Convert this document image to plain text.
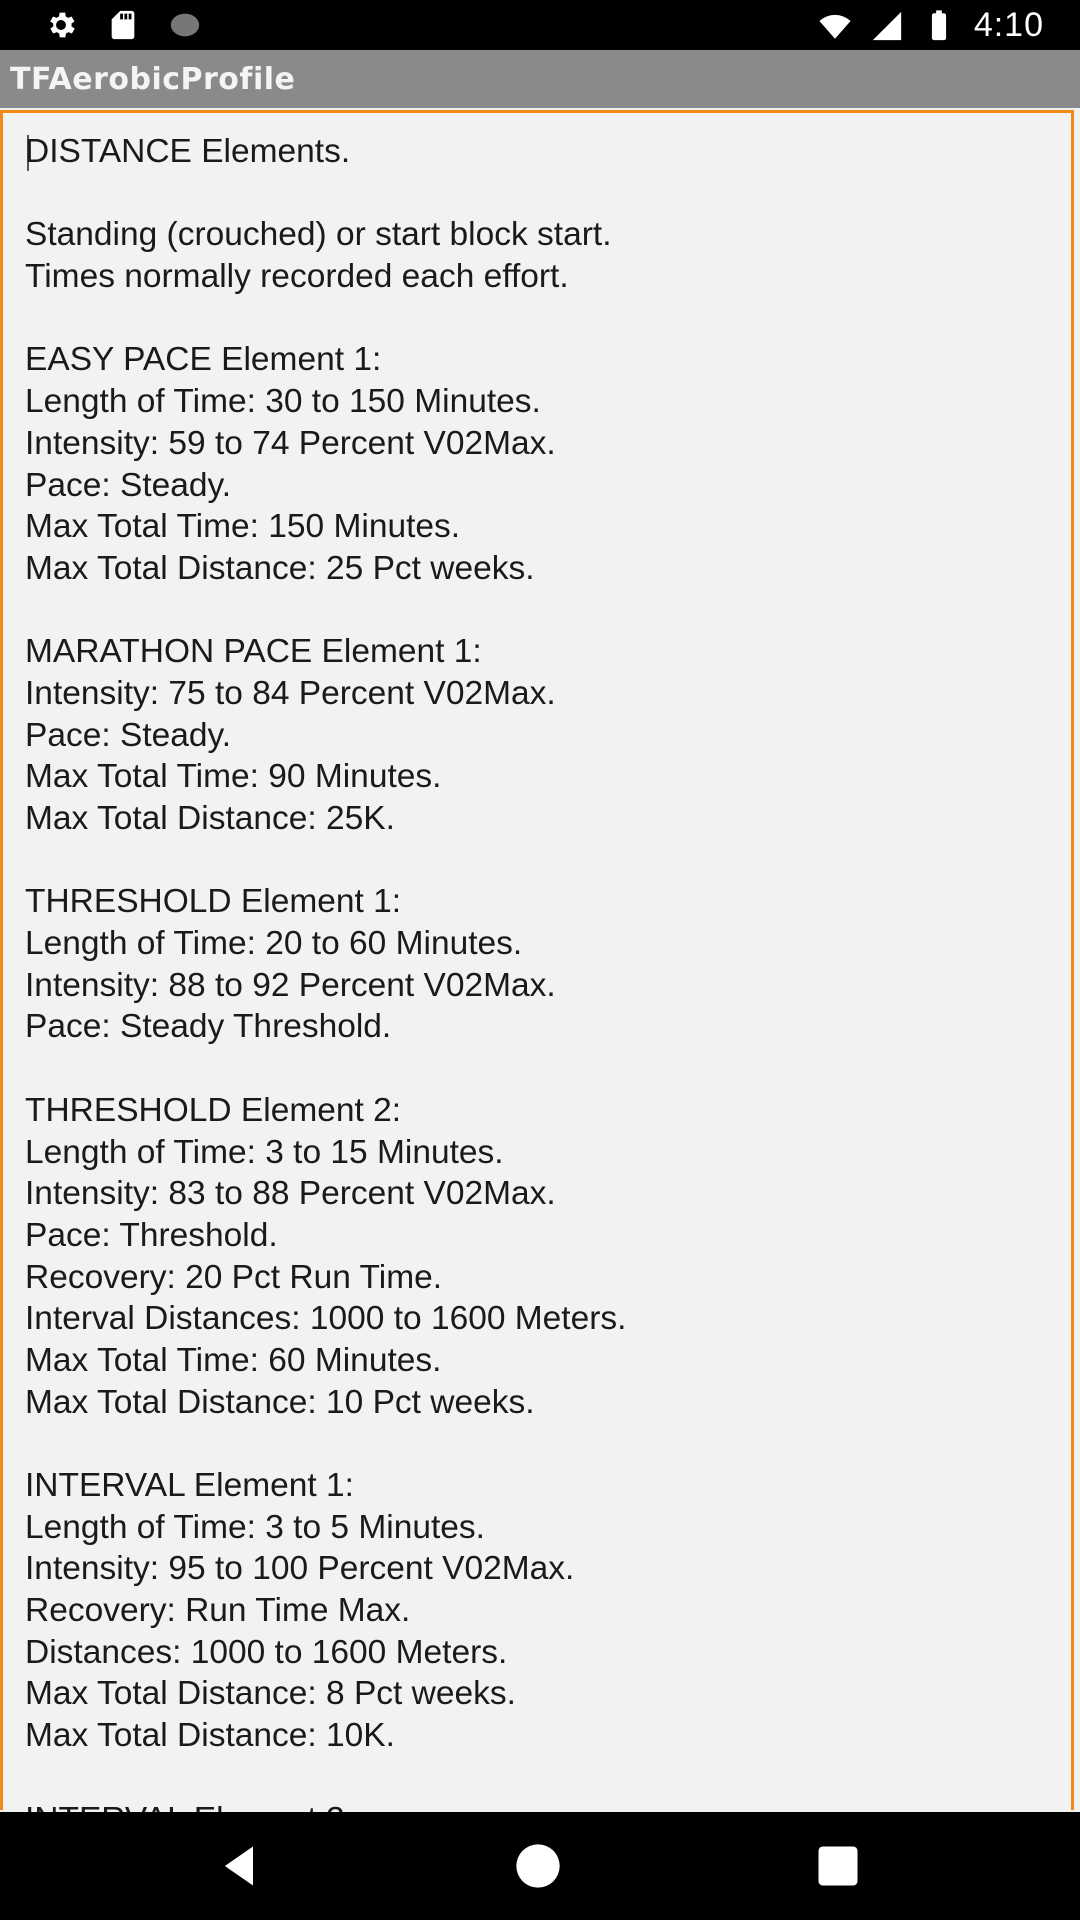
4:10
TFAerobicProfile
DISTANCE Elements.
Standing (crouched) or start block start.
Times normally recorded each effort.
EASY PACE Element 1:
Length of Time: 30 to 150 Minutes.
Intensity: 59 to 74 Percent V02Max.
Pace: Steady.
Max Total Time: 150 Minutes.
Max Total Distance: 25 Pct weeks.
MARATHON PACE Element 1:
Intensity: 75 to 84 Percent V02Max.
Pace: Steady.
Max Total Time: 90 Minutes.
Max Total Distance: 25K.
THRESHOLD Element 1:
Length of Time: 20 to 60 Minutes.
Intensity: 88 to 92 Percent V02Max.
Pace: Steady Threshold.
THRESHOLD Element 2:
Length of Time: 3 to 15 Minutes.
Intensity: 83 to 88 Percent V02Max.
Pace: Threshold.
Recovery: 20 Pct Run Time.
Interval Distances: 1000 to 1600 Meters.
Max Total Time: 60 Minutes.
Max Total Distance: 10 Pct weeks.
INTERVAL Element 1:
Length of Time: 3 to 5 Minutes.
Intensity: 95 to 100 Percent V02Max.
Recovery: Run Time Max.
Distances: 1000 to 1600 Meters.
Max Total Distance: 8 Pct weeks.
Max Total Distance: 10K.
